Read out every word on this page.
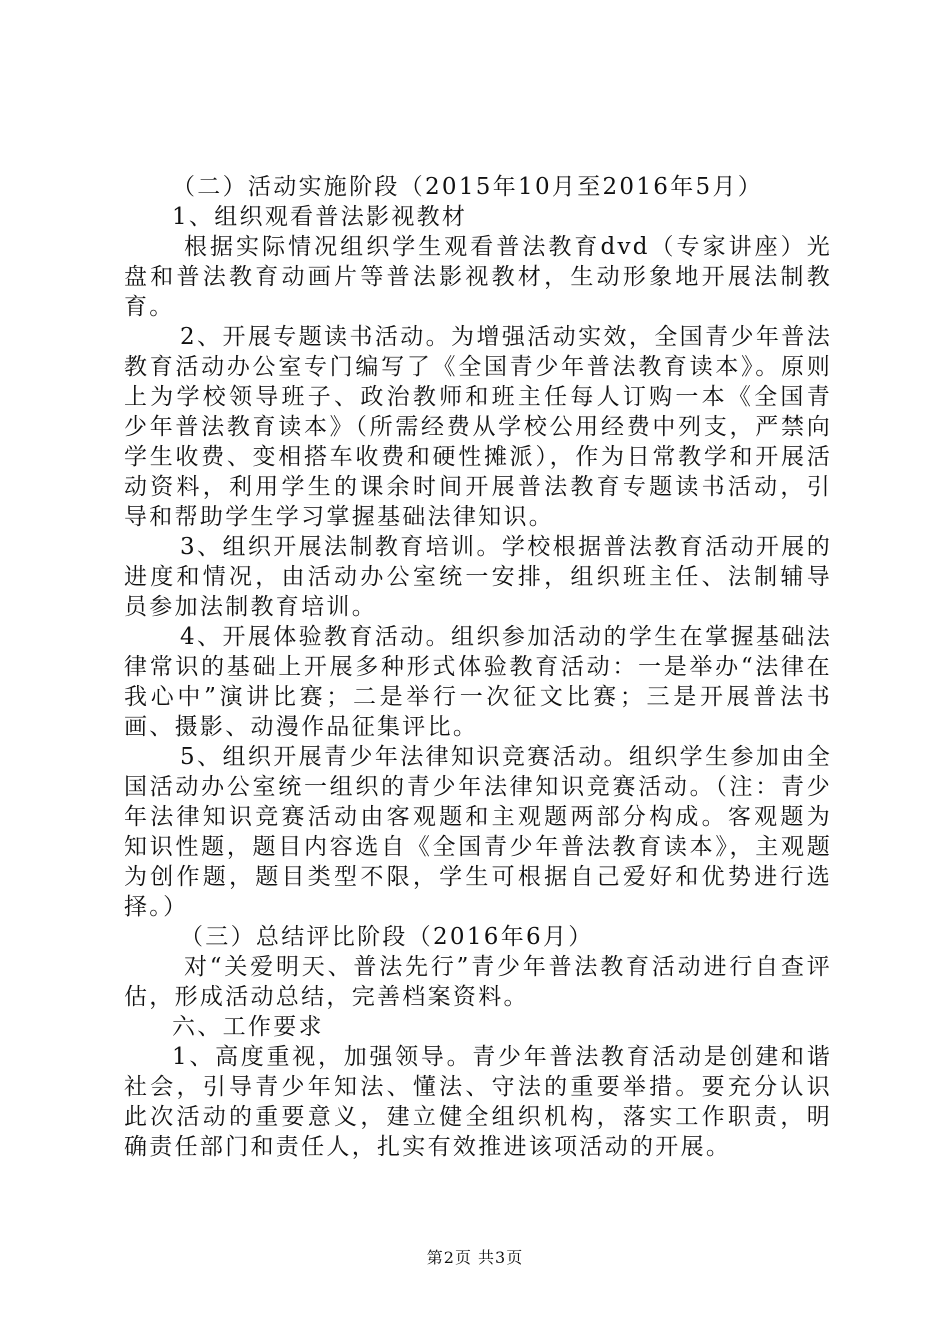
（二）活动实施阶段（2015年10月至2016年5月）

1、组织观看普法影视教材

根据实际情况组织学生观看普法教育dvd（专家讲座）光盘和普法教育动画片等普法影视教材，生动形象地开展法制教育。

2、开展专题读书活动。为增强活动实效，全国青少年普法教育活动办公室专门编写了《全国青少年普法教育读本》。原则上为学校领导班子、政治教师和班主任每人订购一本《全国青少年普法教育读本》（所需经费从学校公用经费中列支，严禁向学生收费、变相搭车收费和硬性摊派），作为日常教学和开展活动资料，利用学生的课余时间开展普法教育专题读书活动，引导和帮助学生学习掌握基础法律知识。

3、组织开展法制教育培训。学校根据普法教育活动开展的进度和情况，由活动办公室统一安排，组织班主任、法制辅导员参加法制教育培训。

4、开展体验教育活动。组织参加活动的学生在掌握基础法律常识的基础上开展多种形式体验教育活动：一是举办“法律在我心中”演讲比赛；二是举行一次征文比赛；三是开展普法书画、摄影、动漫作品征集评比。

5、组织开展青少年法律知识竞赛活动。组织学生参加由全国活动办公室统一组织的青少年法律知识竞赛活动。（注：青少年法律知识竞赛活动由客观题和主观题两部分构成。客观题为知识性题，题目内容选自《全国青少年普法教育读本》，主观题为创作题，题目类型不限，学生可根据自己爱好和优势进行选择。）

（三）总结评比阶段（2016年6月）

对“关爱明天、普法先行”青少年普法教育活动进行自查评估，形成活动总结，完善档案资料。

六、工作要求

1、高度重视，加强领导。青少年普法教育活动是创建和谐社会，引导青少年知法、懂法、守法的重要举措。要充分认识此次活动的重要意义，建立健全组织机构，落实工作职责，明确责任部门和责任人，扎实有效推进该项活动的开展。

第2页 共3页
